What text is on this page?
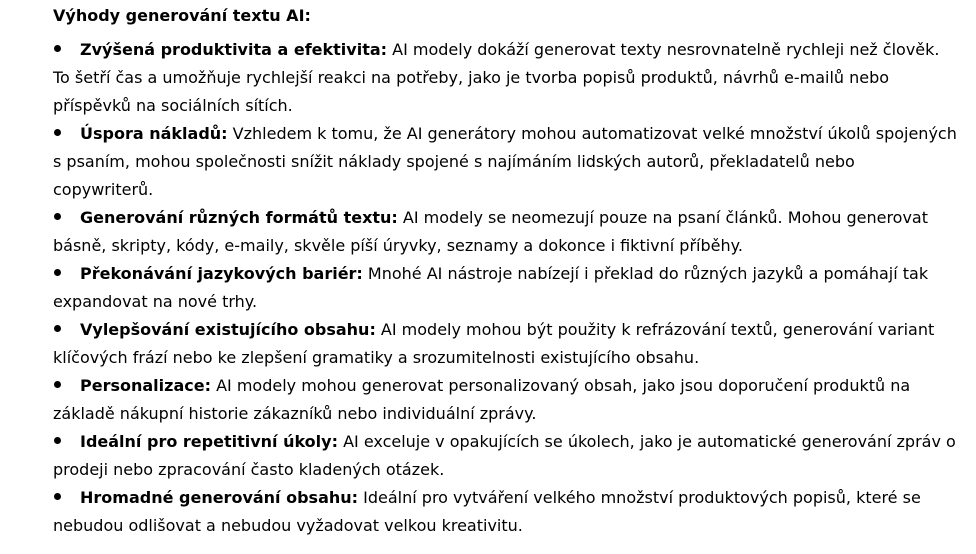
Výhody generování textu AI:
Zvýšená produktivita a efektivita: AI modely dokáží generovat texty nesrovnatelně rychleji než člověk. To šetří čas a umožňuje rychlejší reakci na potřeby, jako je tvorba popisů produktů, návrhů e-mailů nebo příspěvků na sociálních sítích.
Úspora nákladů: Vzhledem k tomu, že AI generátory mohou automatizovat velké množství úkolů spojených s psaním, mohou společnosti snížit náklady spojené s najímáním lidských autorů, překladatelů nebo copywriterů.
Generování různých formátů textu: AI modely se neomezují pouze na psaní článků. Mohou generovat básně, skripty, kódy, e-maily, skvěle píší úryvky, seznamy a dokonce i fiktivní příběhy.
Překonávání jazykových bariér: Mnohé AI nástroje nabízejí i překlad do různých jazyků a pomáhají tak expandovat na nové trhy.
Vylepšování existujícího obsahu: AI modely mohou být použity k refrázování textů, generování variant klíčových frází nebo ke zlepšení gramatiky a srozumitelnosti existujícího obsahu.
Personalizace: AI modely mohou generovat personalizovaný obsah, jako jsou doporučení produktů na základě nákupní historie zákazníků nebo individuální zprávy.
Ideální pro repetitivní úkoly: AI exceluje v opakujících se úkolech, jako je automatické generování zpráv o prodeji nebo zpracování často kladených otázek.
Hromadné generování obsahu: Ideální pro vytváření velkého množství produktových popisů, které se nebudou odlišovat a nebudou vyžadovat velkou kreativitu.
